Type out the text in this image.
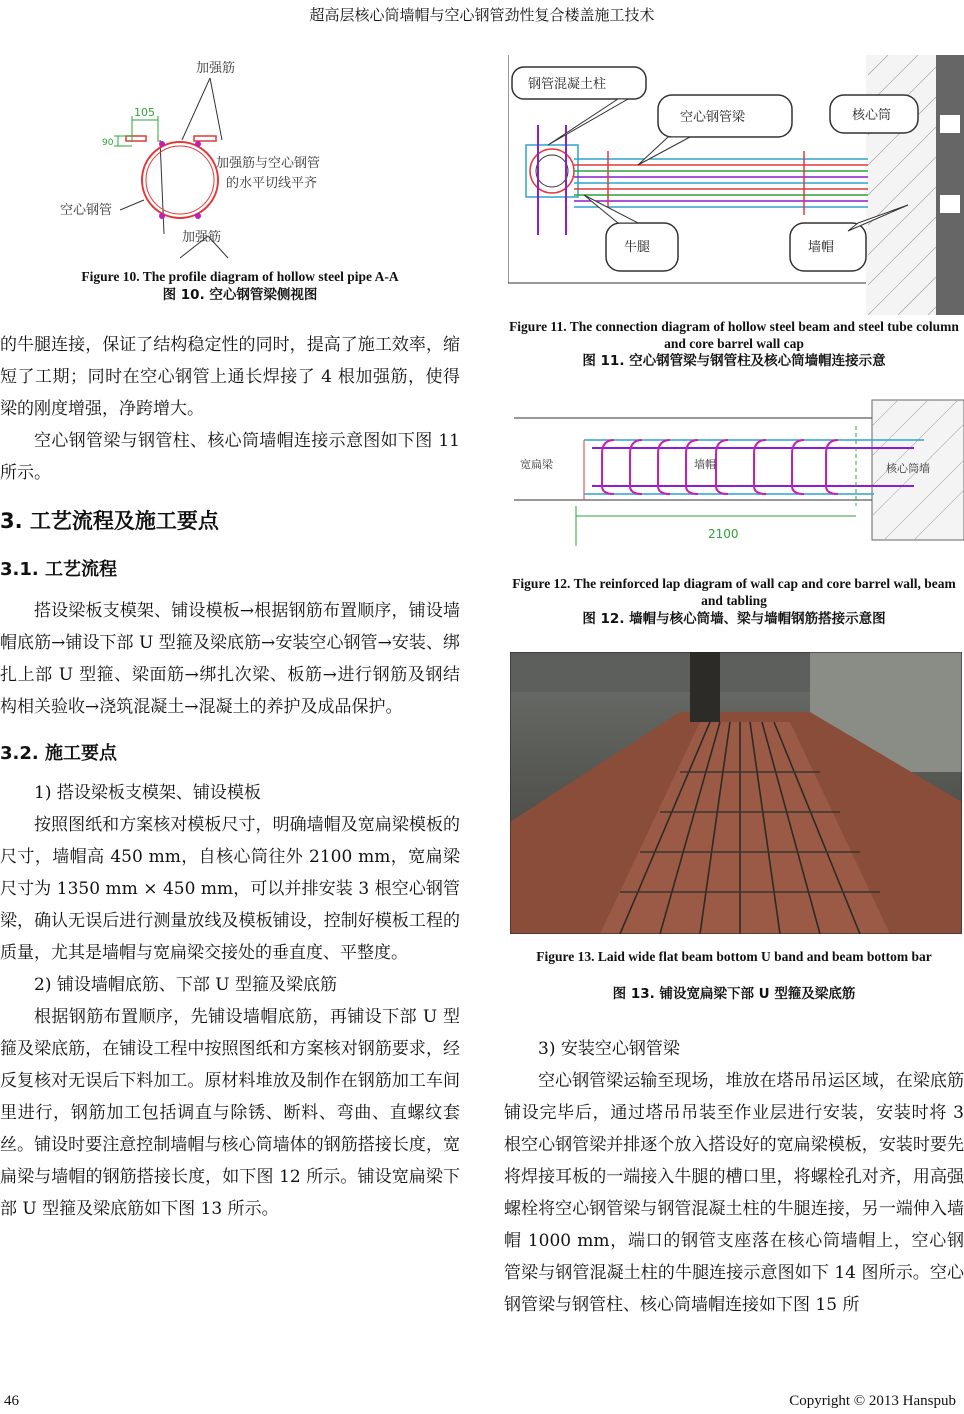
超高层核心筒墙帽与空心钢管劲性复合楼盖施工技术
加强筋
105
90
加强筋与空心钢管
的水平切线平齐
空心钢管
加强筋
Figure 10. The profile diagram of hollow steel pipe A-A
图 10. 空心钢管梁侧视图

的牛腿连接，保证了结构稳定性的同时，提高了施工效率，缩短了工期；同时在空心钢管上通长焊接了 4 根加强筋，使得梁的刚度增强，净跨增大。

空心钢管梁与钢管柱、核心筒墙帽连接示意图如下图 11 所示。

3. 工艺流程及施工要点

3.1. 工艺流程

搭设梁板支模架、铺设模板→根据钢筋布置顺序，铺设墙帽底筋→铺设下部 U 型箍及梁底筋→安装空心钢管→安装、绑扎上部 U 型箍、梁面筋→绑扎次梁、板筋→进行钢筋及钢结构相关验收→浇筑混凝土→混凝土的养护及成品保护。

3.2. 施工要点

1) 搭设梁板支模架、铺设模板

按照图纸和方案核对模板尺寸，明确墙帽及宽扁梁模板的尺寸，墙帽高 450 mm，自核心筒往外 2100 mm，宽扁梁尺寸为 1350 mm × 450 mm，可以并排安装 3 根空心钢管梁，确认无误后进行测量放线及模板铺设，控制好模板工程的质量，尤其是墙帽与宽扁梁交接处的垂直度、平整度。

2) 铺设墙帽底筋、下部 U 型箍及梁底筋

根据钢筋布置顺序，先铺设墙帽底筋，再铺设下部 U 型箍及梁底筋，在铺设工程中按照图纸和方案核对钢筋要求，经反复核对无误后下料加工。原材料堆放及制作在钢筋加工车间里进行，钢筋加工包括调直与除锈、断料、弯曲、直螺纹套丝。铺设时要注意控制墙帽与核心筒墙体的钢筋搭接长度，宽扁梁与墙帽的钢筋搭接长度，如下图 12 所示。铺设宽扁梁下部 U 型箍及梁底筋如下图 13 所示。

钢管混凝土柱
空心钢管梁	核心筒
牛腿	墙帽
Figure 11. The connection diagram of hollow steel beam and steel tube column and core barrel wall cap
图 11. 空心钢管梁与钢管柱及核心筒墙帽连接示意
宽扁梁	墙帽	核心筒墙
2100
Figure 12. The reinforced lap diagram of wall cap and core barrel wall, beam and tabling
图 12. 墙帽与核心筒墙、梁与墙帽钢筋搭接示意图
Figure 13. Laid wide flat beam bottom U band and beam bottom bar
图 13. 铺设宽扁梁下部 U 型箍及梁底筋

3) 安装空心钢管梁

空心钢管梁运输至现场，堆放在塔吊吊运区域，在梁底筋铺设完毕后，通过塔吊吊装至作业层进行安装，安装时将 3 根空心钢管梁并排逐个放入搭设好的宽扁梁模板，安装时要先将焊接耳板的一端接入牛腿的槽口里，将螺栓孔对齐，用高强螺栓将空心钢管梁与钢管混凝土柱的牛腿连接，另一端伸入墙帽 1000 mm，端口的钢管支座落在核心筒墙帽上，空心钢管梁与钢管混凝土柱的牛腿连接示意图如下 14 图所示。空心钢管梁与钢管柱、核心筒墙帽连接如下图 15 所

46	Copyright © 2013 Hanspub
